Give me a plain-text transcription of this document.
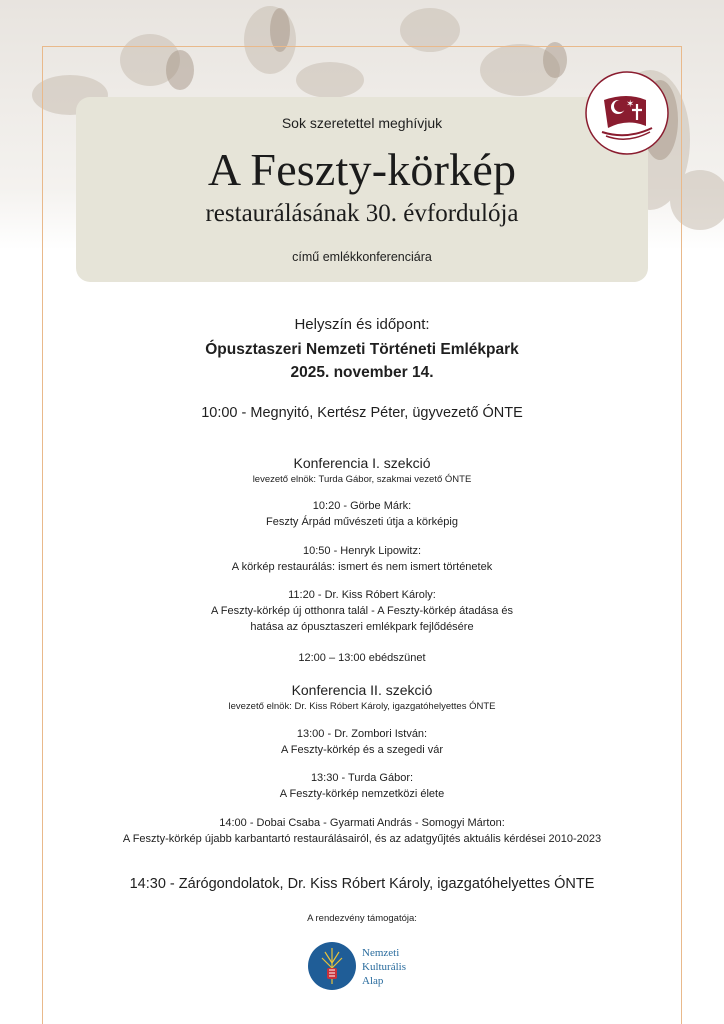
Sok szeretettel meghívjuk
A Feszty-körkép
restaurálásának 30. évfordulója
című emlékkonferenciára
✶
Helyszín és időpont:
Ópusztaszeri Nemzeti Történeti Emlékpark
2025. november 14.
10:00 - Megnyitó, Kertész Péter, ügyvezető ÓNTE
Konferencia I. szekció
levezető elnök: Turda Gábor, szakmai vezető ÓNTE
10:20 - Görbe Márk:
Feszty Árpád művészeti útja a körképig
10:50 - Henryk Lipowitz:
A körkép restaurálás: ismert és nem ismert történetek
11:20 - Dr. Kiss Róbert Károly:
A Feszty-körkép új otthonra talál - A Feszty-körkép átadása és
hatása az ópusztaszeri emlékpark fejlődésére
12:00 – 13:00 ebédszünet
Konferencia II. szekció
levezető elnök: Dr. Kiss Róbert Károly, igazgatóhelyettes ÓNTE
13:00 - Dr. Zombori István:
A Feszty-körkép és a szegedi vár
13:30 - Turda Gábor:
A Feszty-körkép nemzetközi élete
14:00 - Dobai Csaba - Gyarmati András - Somogyi Márton:
A Feszty-körkép újabb karbantartó restaurálásairól, és az adatgyűjtés aktuális kérdései 2010-2023
14:30 - Zárógondolatok, Dr. Kiss Róbert Károly, igazgatóhelyettes ÓNTE
A rendezvény támogatója:
Nemzeti
Kulturális
Alap
